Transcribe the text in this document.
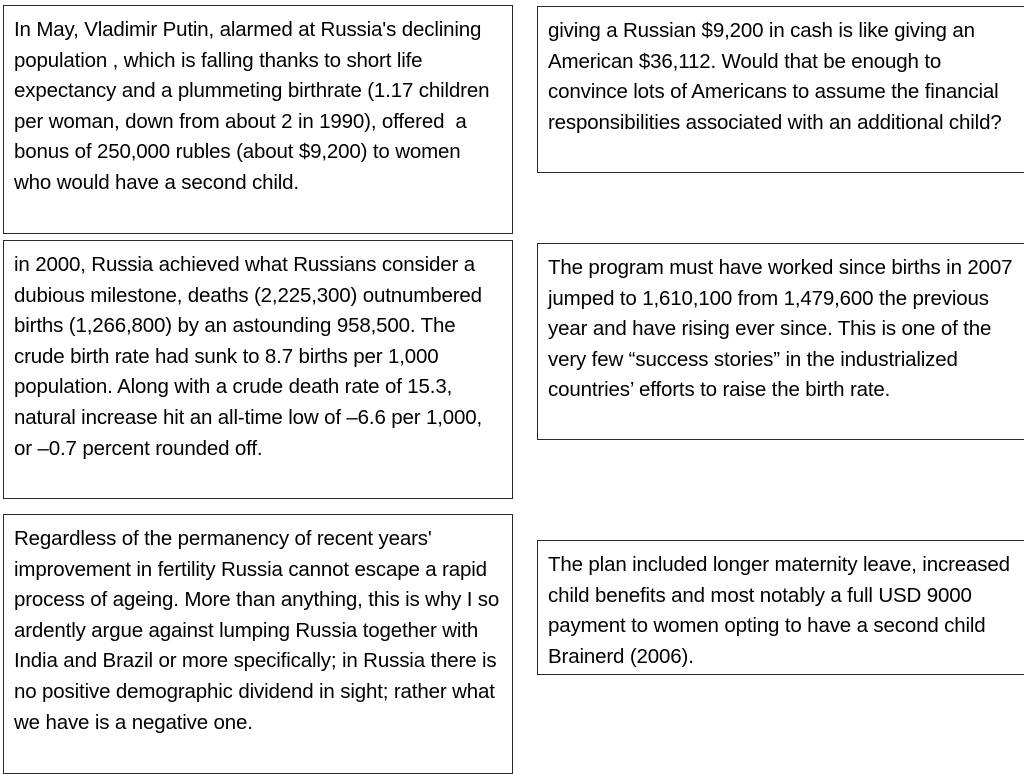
In May, Vladimir Putin, alarmed at Russia's declining population , which is falling thanks to short life expectancy and a plummeting birthrate (1.17 children per woman, down from about 2 in 1990), offered  a bonus of 250,000 rubles (about $9,200) to women who would have a second child.

giving a Russian $9,200 in cash is like giving an American $36,112. Would that be enough to convince lots of Americans to assume the financial responsibilities associated with an additional child?

in 2000, Russia achieved what Russians consider a dubious milestone, deaths (2,225,300) outnumbered births (1,266,800) by an astounding 958,500. The crude birth rate had sunk to 8.7 births per 1,000 population. Along with a crude death rate of 15.3, natural increase hit an all-time low of –6.6 per 1,000, or –0.7 percent rounded off.

The program must have worked since births in 2007 jumped to 1,610,100 from 1,479,600 the previous year and have rising ever since. This is one of the very few “success stories” in the industrialized countries’ efforts to raise the birth rate.

Regardless of the permanency of recent years' improvement in fertility Russia cannot escape a rapid process of ageing. More than anything, this is why I so ardently argue against lumping Russia together with India and Brazil or more specifically; in Russia there is no positive demographic dividend in sight; rather what we have is a negative one.

The plan included longer maternity leave, increased child benefits and most notably a full USD 9000 payment to women opting to have a second child Brainerd (2006).
